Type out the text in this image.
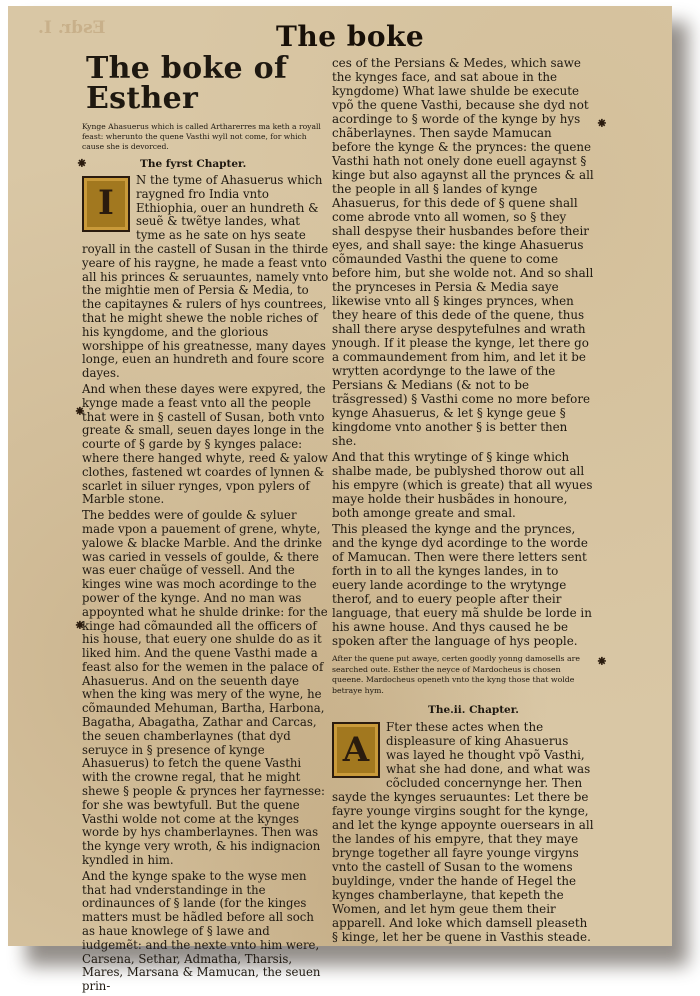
Esdr. I.	The boke
The boke of Esther
Kynge Ahasuerus which is called Artharerres ma keth a royall feast: wherunto the quene Vasthi wyll not come, for which cause she is devorced.
The fyrst Chapter.

I
N the tyme of Ahasuerus which raygned fro India vnto Ethiophia, ouer an hundreth & seuẽ & twẽtye landes, what tyme as he sate on hys seate royall in the castell of Susan in the thirde yeare of his raygne, he made a feast vnto all his princes & seruauntes, namely vnto the mightie men of Persia & Media, to the capitaynes & rulers of hys countrees, that he might shewe the noble riches of his kyngdome, and the glorious worshippe of his greatnesse, many dayes longe, euen an hundreth and foure score dayes.

And when these dayes were expyred, the kynge made a feast vnto all the people that were in § castell of Susan, both vnto greate & small, seuen dayes longe in the courte of § garde by § kynges palace: where there hanged whyte, reed & yalow clothes, fastened wt coardes of lynnen & scarlet in siluer rynges, vpon pylers of Marble stone.

The beddes were of goulde & syluer made vpon a pauement of grene, whyte, yalowe & blacke Marble. And the drinke was caried in vessels of goulde, & there was euer chaũge of vessell. And the kinges wine was moch acordinge to the power of the kynge. And no man was appoynted what he shulde drinke: for the kinge had cõmaunded all the officers of his house, that euery one shulde do as it liked him. And the quene Vasthi made a feast also for the wemen in the palace of Ahasuerus. And on the seuenth daye when the king was mery of the wyne, he cõmaunded Mehuman, Bartha, Harbona, Bagatha, Abagatha, Zathar and Carcas, the seuen chamberlaynes (that dyd seruyce in § presence of kynge Ahasuerus) to fetch the quene Vasthi with the crowne regal, that he might shewe § people & prynces her fayrnesse: for she was bewtyfull. But the quene Vasthi wolde not come at the kynges worde by hys chamberlaynes. Then was the kynge very wroth, & his indignacion kyndled in him.

And the kynge spake to the wyse men that had vnderstandinge in the ordinaunces of § lande (for the kinges matters must be hãdled before all soch as haue knowlege of § lawe and iudgemẽt: and the nexte vnto him were, Carsena, Sethar, Admatha, Tharsis, Mares, Marsana & Mamucan, the seuen prin-

ces of the Persians & Medes, which sawe the kynges face, and sat aboue in the kyngdome) What lawe shulde be execute vpõ the quene Vasthi, because she dyd not acordinge to § worde of the kynge by hys chãberlaynes. Then sayde Mamucan before the kynge & the prynces: the quene Vasthi hath not onely done euell agaynst § kinge but also agaynst all the prynces & all the people in all § landes of kynge Ahasuerus, for this dede of § quene shall come abrode vnto all women, so § they shall despyse their husbandes before their eyes, and shall saye: the kinge Ahasuerus cõmaunded Vasthi the quene to come before him, but she wolde not. And so shall the prynceses in Persia & Media saye likewise vnto all § kinges prynces, when they heare of this dede of the quene, thus shall there aryse despytefulnes and wrath ynough. If it please the kynge, let there go a commaundement from him, and let it be wrytten acordynge to the lawe of the Persians & Medians (& not to be trãsgressed) § Vasthi come no more before kynge Ahasuerus, & let § kynge geue § kingdome vnto another § is better then she.

And that this wrytinge of § kinge which shalbe made, be publyshed thorow out all his empyre (which is greate) that all wyues maye holde their husbãdes in honoure, both amonge greate and smal.

This pleased the kynge and the prynces, and the kynge dyd acordinge to the worde of Mamucan. Then were there letters sent forth in to all the kynges landes, in to euery lande acordinge to the wrytynge therof, and to euery people after their language, that euery mã shulde be lorde in his awne house. And thys caused he be spoken after the language of hys people.

After the quene put awaye, certen goodly yonng damosells are searched oute. Esther the neyce of Mardocheus is chosen queene. Mardocheus openeth vnto the kyng those that wolde betraye hym.

The.ii. Chapter.

A
Fter these actes when the displeasure of king Ahasuerus was layed he thought vpõ Vasthi, what she had done, and what was cõcluded concernynge her. Then sayde the kynges seruauntes: Let there be fayre younge virgins sought for the kynge, and let the kynge appoynte ouersears in all the landes of his empyre, that they maye brynge together all fayre younge virgyns vnto the castell of Susan to the womens buyldinge, vnder the hande of Hegel the kynges chamberlayne, that kepeth the Women, and let hym geue them their apparell. And loke which damsell pleaseth § kinge, let her be quene in Vasthis steade.

⁕
⁕
⁕
⁕
⁕
